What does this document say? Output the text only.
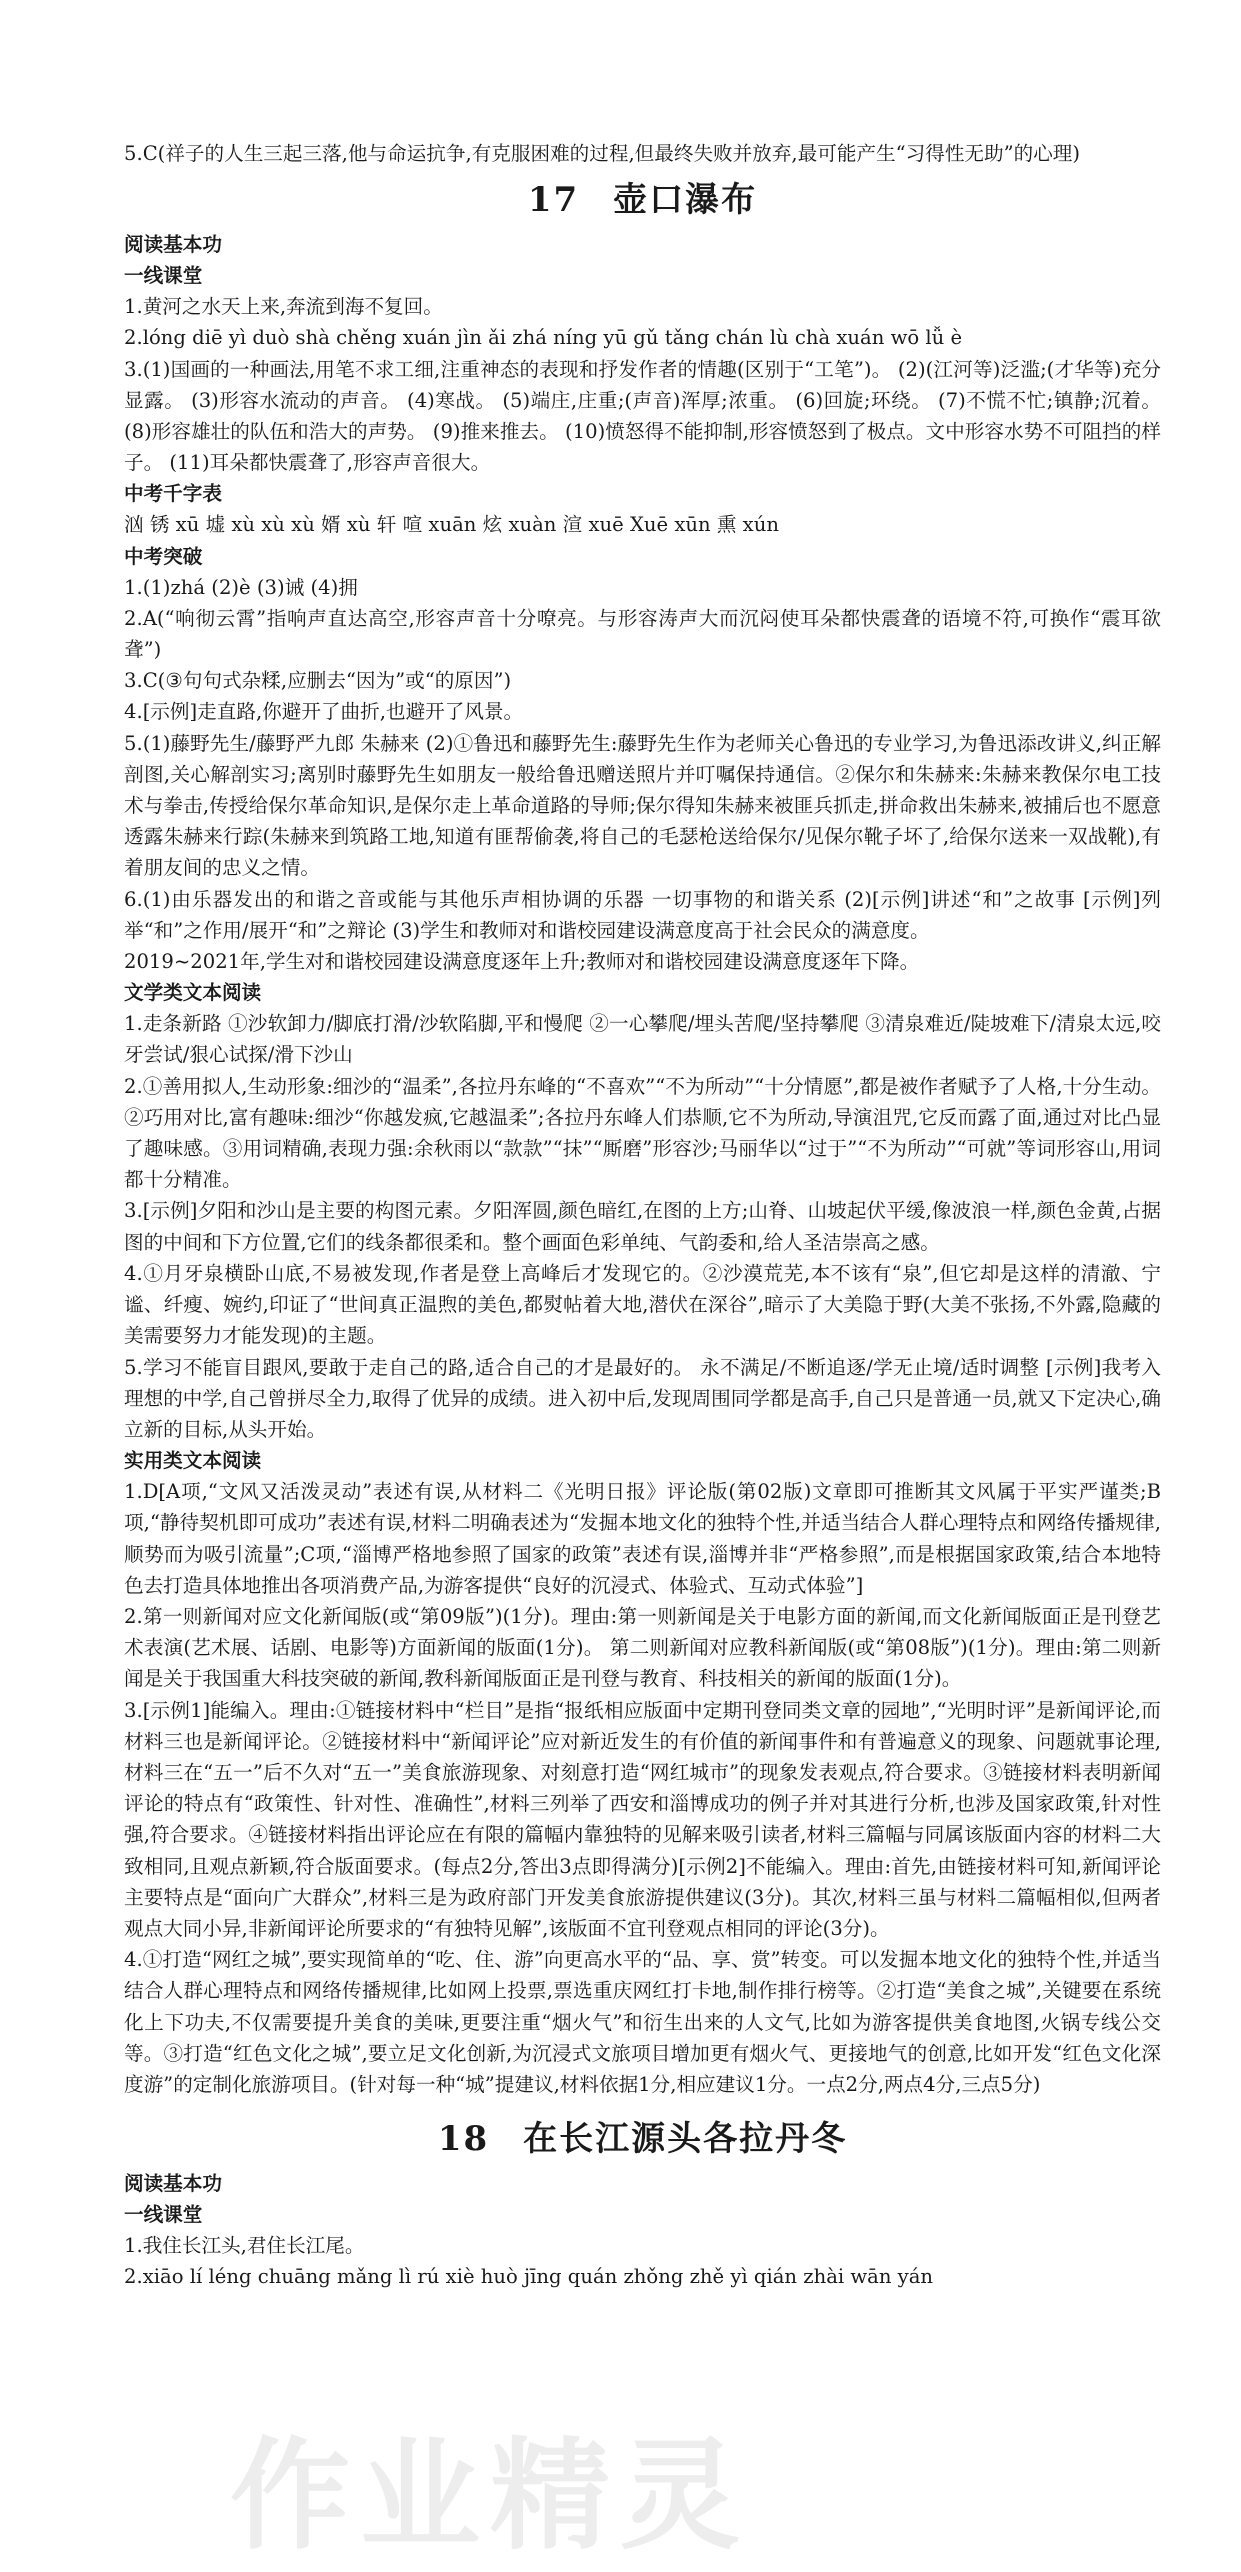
5.C(祥子的人生三起三落,他与命运抗争,有克服困难的过程,但最终失败并放弃,最可能产生“习得性无助”的心理)

17 壶口瀑布

阅读基本功

一线课堂

1.黄河之水天上来,奔流到海不复回。

2.lóng diē yì duò shà chěng xuán jìn ǎi zhá níng yū gǔ tǎng chán lù chà xuán wō lǚ è

3.(1)国画的一种画法,用笔不求工细,注重神态的表现和抒发作者的情趣(区别于“工笔”)。 (2)(江河等)泛滥;(才华等)充分显露。 (3)形容水流动的声音。 (4)寒战。 (5)端庄,庄重;(声音)浑厚;浓重。 (6)回旋;环绕。 (7)不慌不忙;镇静;沉着。 (8)形容雄壮的队伍和浩大的声势。 (9)推来推去。 (10)愤怒得不能抑制,形容愤怒到了极点。文中形容水势不可阻挡的样子。 (11)耳朵都快震聋了,形容声音很大。

中考千字表

汹 锈 xū 墟 xù xù xù 婿 xù 轩 喧 xuān 炫 xuàn 渲 xuē Xuē xūn 熏 xún

中考突破

1.(1)zhá (2)è (3)诫 (4)拥

2.A(“响彻云霄”指响声直达高空,形容声音十分嘹亮。与形容涛声大而沉闷使耳朵都快震聋的语境不符,可换作“震耳欲聋”)

3.C(③句句式杂糅,应删去“因为”或“的原因”)

4.[示例]走直路,你避开了曲折,也避开了风景。

5.(1)藤野先生/藤野严九郎 朱赫来 (2)①鲁迅和藤野先生:藤野先生作为老师关心鲁迅的专业学习,为鲁迅添改讲义,纠正解剖图,关心解剖实习;离别时藤野先生如朋友一般给鲁迅赠送照片并叮嘱保持通信。②保尔和朱赫来:朱赫来教保尔电工技术与拳击,传授给保尔革命知识,是保尔走上革命道路的导师;保尔得知朱赫来被匪兵抓走,拼命救出朱赫来,被捕后也不愿意透露朱赫来行踪(朱赫来到筑路工地,知道有匪帮偷袭,将自己的毛瑟枪送给保尔/见保尔靴子坏了,给保尔送来一双战靴),有着朋友间的忠义之情。

6.(1)由乐器发出的和谐之音或能与其他乐声相协调的乐器 一切事物的和谐关系 (2)[示例]讲述“和”之故事 [示例]列举“和”之作用/展开“和”之辩论 (3)学生和教师对和谐校园建设满意度高于社会民众的满意度。

2019~2021年,学生对和谐校园建设满意度逐年上升;教师对和谐校园建设满意度逐年下降。

文学类文本阅读

1.走条新路 ①沙软卸力/脚底打滑/沙软陷脚,平和慢爬 ②一心攀爬/埋头苦爬/坚持攀爬 ③清泉难近/陡坡难下/清泉太远,咬牙尝试/狠心试探/滑下沙山

2.①善用拟人,生动形象:细沙的“温柔”,各拉丹东峰的“不喜欢”“不为所动”“十分情愿”,都是被作者赋予了人格,十分生动。②巧用对比,富有趣味:细沙“你越发疯,它越温柔”;各拉丹东峰人们恭顺,它不为所动,导演沮咒,它反而露了面,通过对比凸显了趣味感。③用词精确,表现力强:余秋雨以“款款”“抹”“厮磨”形容沙;马丽华以“过于”“不为所动”“可就”等词形容山,用词都十分精准。

3.[示例]夕阳和沙山是主要的构图元素。夕阳浑圆,颜色暗红,在图的上方;山脊、山坡起伏平缓,像波浪一样,颜色金黄,占据图的中间和下方位置,它们的线条都很柔和。整个画面色彩单纯、气韵委和,给人圣洁崇高之感。

4.①月牙泉横卧山底,不易被发现,作者是登上高峰后才发现它的。②沙漠荒芜,本不该有“泉”,但它却是这样的清澈、宁谧、纤瘦、婉约,印证了“世间真正温煦的美色,都熨帖着大地,潜伏在深谷”,暗示了大美隐于野(大美不张扬,不外露,隐藏的美需要努力才能发现)的主题。

5.学习不能盲目跟风,要敢于走自己的路,适合自己的才是最好的。 永不满足/不断追逐/学无止境/适时调整 [示例]我考入理想的中学,自己曾拼尽全力,取得了优异的成绩。进入初中后,发现周围同学都是高手,自己只是普通一员,就又下定决心,确立新的目标,从头开始。

实用类文本阅读

1.D[A项,“文风又活泼灵动”表述有误,从材料二《光明日报》评论版(第02版)文章即可推断其文风属于平实严谨类;B项,“静待契机即可成功”表述有误,材料二明确表述为“发掘本地文化的独特个性,并适当结合人群心理特点和网络传播规律,顺势而为吸引流量”;C项,“淄博严格地参照了国家的政策”表述有误,淄博并非“严格参照”,而是根据国家政策,结合本地特色去打造具体地推出各项消费产品,为游客提供“良好的沉浸式、体验式、互动式体验”]

2.第一则新闻对应文化新闻版(或“第09版”)(1分)。理由:第一则新闻是关于电影方面的新闻,而文化新闻版面正是刊登艺术表演(艺术展、话剧、电影等)方面新闻的版面(1分)。 第二则新闻对应教科新闻版(或“第08版”)(1分)。理由:第二则新闻是关于我国重大科技突破的新闻,教科新闻版面正是刊登与教育、科技相关的新闻的版面(1分)。

3.[示例1]能编入。理由:①链接材料中“栏目”是指“报纸相应版面中定期刊登同类文章的园地”,“光明时评”是新闻评论,而材料三也是新闻评论。②链接材料中“新闻评论”应对新近发生的有价值的新闻事件和有普遍意义的现象、问题就事论理,材料三在“五一”后不久对“五一”美食旅游现象、对刻意打造“网红城市”的现象发表观点,符合要求。③链接材料表明新闻评论的特点有“政策性、针对性、准确性”,材料三列举了西安和淄博成功的例子并对其进行分析,也涉及国家政策,针对性强,符合要求。④链接材料指出评论应在有限的篇幅内靠独特的见解来吸引读者,材料三篇幅与同属该版面内容的材料二大致相同,且观点新颖,符合版面要求。(每点2分,答出3点即得满分)[示例2]不能编入。理由:首先,由链接材料可知,新闻评论主要特点是“面向广大群众”,材料三是为政府部门开发美食旅游提供建议(3分)。其次,材料三虽与材料二篇幅相似,但两者观点大同小异,非新闻评论所要求的“有独特见解”,该版面不宜刊登观点相同的评论(3分)。

4.①打造“网红之城”,要实现简单的“吃、住、游”向更高水平的“品、享、赏”转变。可以发掘本地文化的独特个性,并适当结合人群心理特点和网络传播规律,比如网上投票,票选重庆网红打卡地,制作排行榜等。②打造“美食之城”,关键要在系统化上下功夫,不仅需要提升美食的美味,更要注重“烟火气”和衍生出来的人文气,比如为游客提供美食地图,火锅专线公交等。③打造“红色文化之城”,要立足文化创新,为沉浸式文旅项目增加更有烟火气、更接地气的创意,比如开发“红色文化深度游”的定制化旅游项目。(针对每一种“城”提建议,材料依据1分,相应建议1分。一点2分,两点4分,三点5分)

18 在长江源头各拉丹冬

阅读基本功

一线课堂

1.我住长江头,君住长江尾。

2.xiāo lí léng chuāng mǎng lì rú xiè huò jīng quán zhǒng zhě yì qián zhài wān yán

作业精灵
